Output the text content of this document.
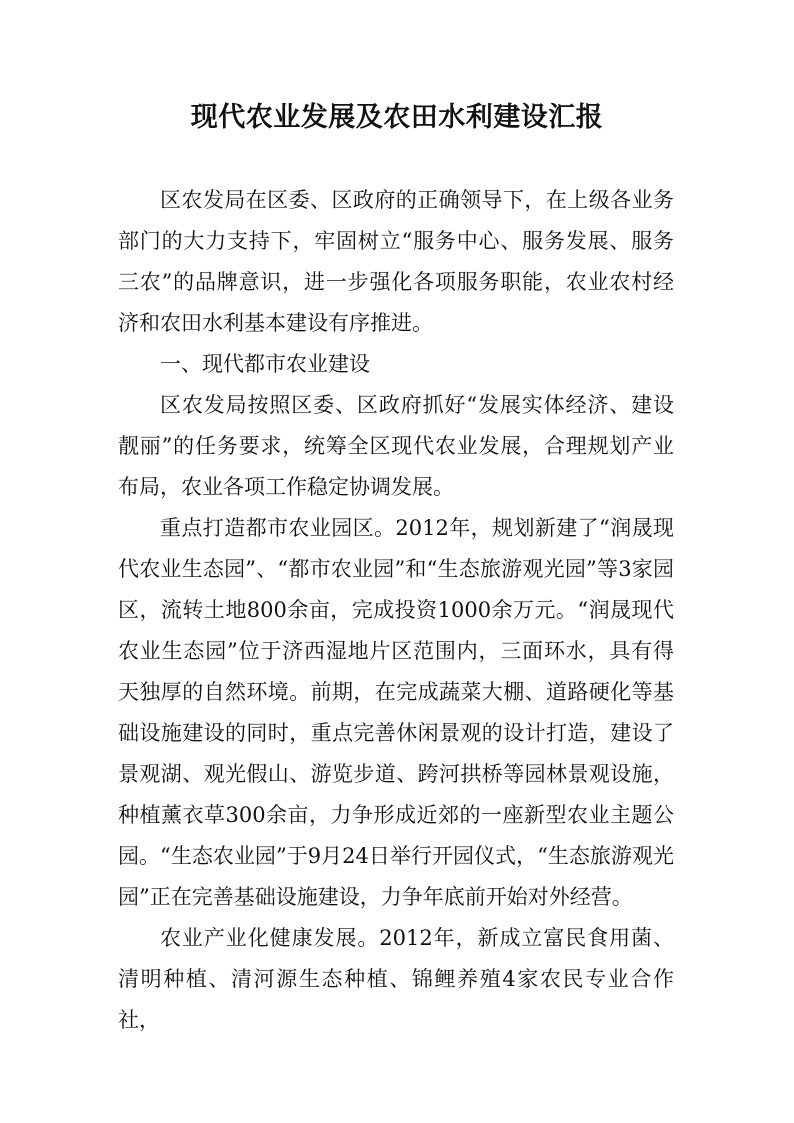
现代农业发展及农田水利建设汇报

区农发局在区委、区政府的正确领导下，在上级各业务部门的大力支持下，牢固树立“服务中心、服务发展、服务三农”的品牌意识，进一步强化各项服务职能，农业农村经济和农田水利基本建设有序推进。

一、现代都市农业建设

区农发局按照区委、区政府抓好“发展实体经济、建设靓丽”的任务要求，统筹全区现代农业发展，合理规划产业布局，农业各项工作稳定协调发展。

重点打造都市农业园区。2012年，规划新建了“润晟现代农业生态园”、“都市农业园”和“生态旅游观光园”等3家园区，流转土地800余亩，完成投资1000余万元。“润晟现代农业生态园”位于济西湿地片区范围内，三面环水，具有得天独厚的自然环境。前期，在完成蔬菜大棚、道路硬化等基础设施建设的同时，重点完善休闲景观的设计打造，建设了景观湖、观光假山、游览步道、跨河拱桥等园林景观设施，种植薰衣草300余亩，力争形成近郊的一座新型农业主题公园。“生态农业园”于9月24日举行开园仪式，“生态旅游观光园”正在完善基础设施建设，力争年底前开始对外经营。

农业产业化健康发展。2012年，新成立富民食用菌、清明种植、清河源生态种植、锦鲤养殖4家农民专业合作社，
